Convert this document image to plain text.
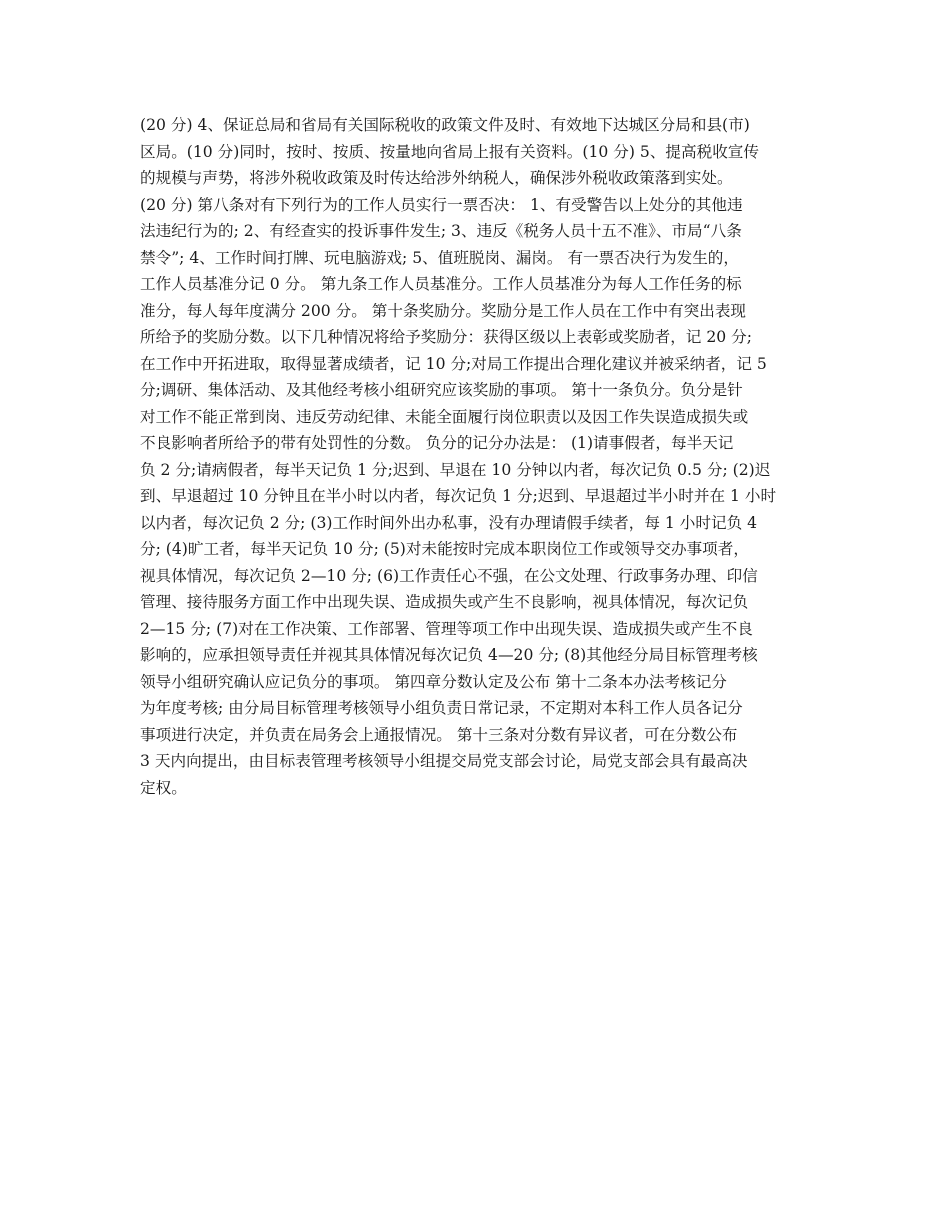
(20 分) 4、保证总局和省局有关国际税收的政策文件及时、有效地下达城区分局和县(市)
区局。(10 分)同时，按时、按质、按量地向省局上报有关资料。(10 分) 5、提高税收宣传
的规模与声势，将涉外税收政策及时传达给涉外纳税人，确保涉外税收政策落到实处。
(20 分) 第八条对有下列行为的工作人员实行一票否决： 1、有受警告以上处分的其他违
法违纪行为的; 2、有经查实的投诉事件发生; 3、违反《税务人员十五不准》、市局“八条
禁令”; 4、工作时间打牌、玩电脑游戏; 5、值班脱岗、漏岗。 有一票否决行为发生的，
工作人员基准分记 0 分。 第九条工作人员基准分。工作人员基准分为每人工作任务的标
准分，每人每年度满分 200 分。 第十条奖励分。奖励分是工作人员在工作中有突出表现
所给予的奖励分数。以下几种情况将给予奖励分：获得区级以上表彰或奖励者，记 20 分;
在工作中开拓进取，取得显著成绩者，记 10 分;对局工作提出合理化建议并被采纳者，记 5
分;调研、集体活动、及其他经考核小组研究应该奖励的事项。 第十一条负分。负分是针
对工作不能正常到岗、违反劳动纪律、未能全面履行岗位职责以及因工作失误造成损失或
不良影响者所给予的带有处罚性的分数。 负分的记分办法是： (1)请事假者，每半天记
负 2 分;请病假者，每半天记负 1 分;迟到、早退在 10 分钟以内者，每次记负 0.5 分; (2)迟
到、早退超过 10 分钟且在半小时以内者，每次记负 1 分;迟到、早退超过半小时并在 1 小时
以内者，每次记负 2 分; (3)工作时间外出办私事，没有办理请假手续者，每 1 小时记负 4
分; (4)旷工者，每半天记负 10 分; (5)对未能按时完成本职岗位工作或领导交办事项者，
视具体情况，每次记负 2—10 分; (6)工作责任心不强，在公文处理、行政事务办理、印信
管理、接待服务方面工作中出现失误、造成损失或产生不良影响，视具体情况，每次记负
2—15 分; (7)对在工作决策、工作部署、管理等项工作中出现失误、造成损失或产生不良
影响的，应承担领导责任并视其具体情况每次记负 4—20 分; (8)其他经分局目标管理考核
领导小组研究确认应记负分的事项。 第四章分数认定及公布 第十二条本办法考核记分
为年度考核; 由分局目标管理考核领导小组负责日常记录，不定期对本科工作人员各记分
事项进行决定，并负责在局务会上通报情况。 第十三条对分数有异议者，可在分数公布
3 天内向提出，由目标表管理考核领导小组提交局党支部会讨论，局党支部会具有最高决
定权。
